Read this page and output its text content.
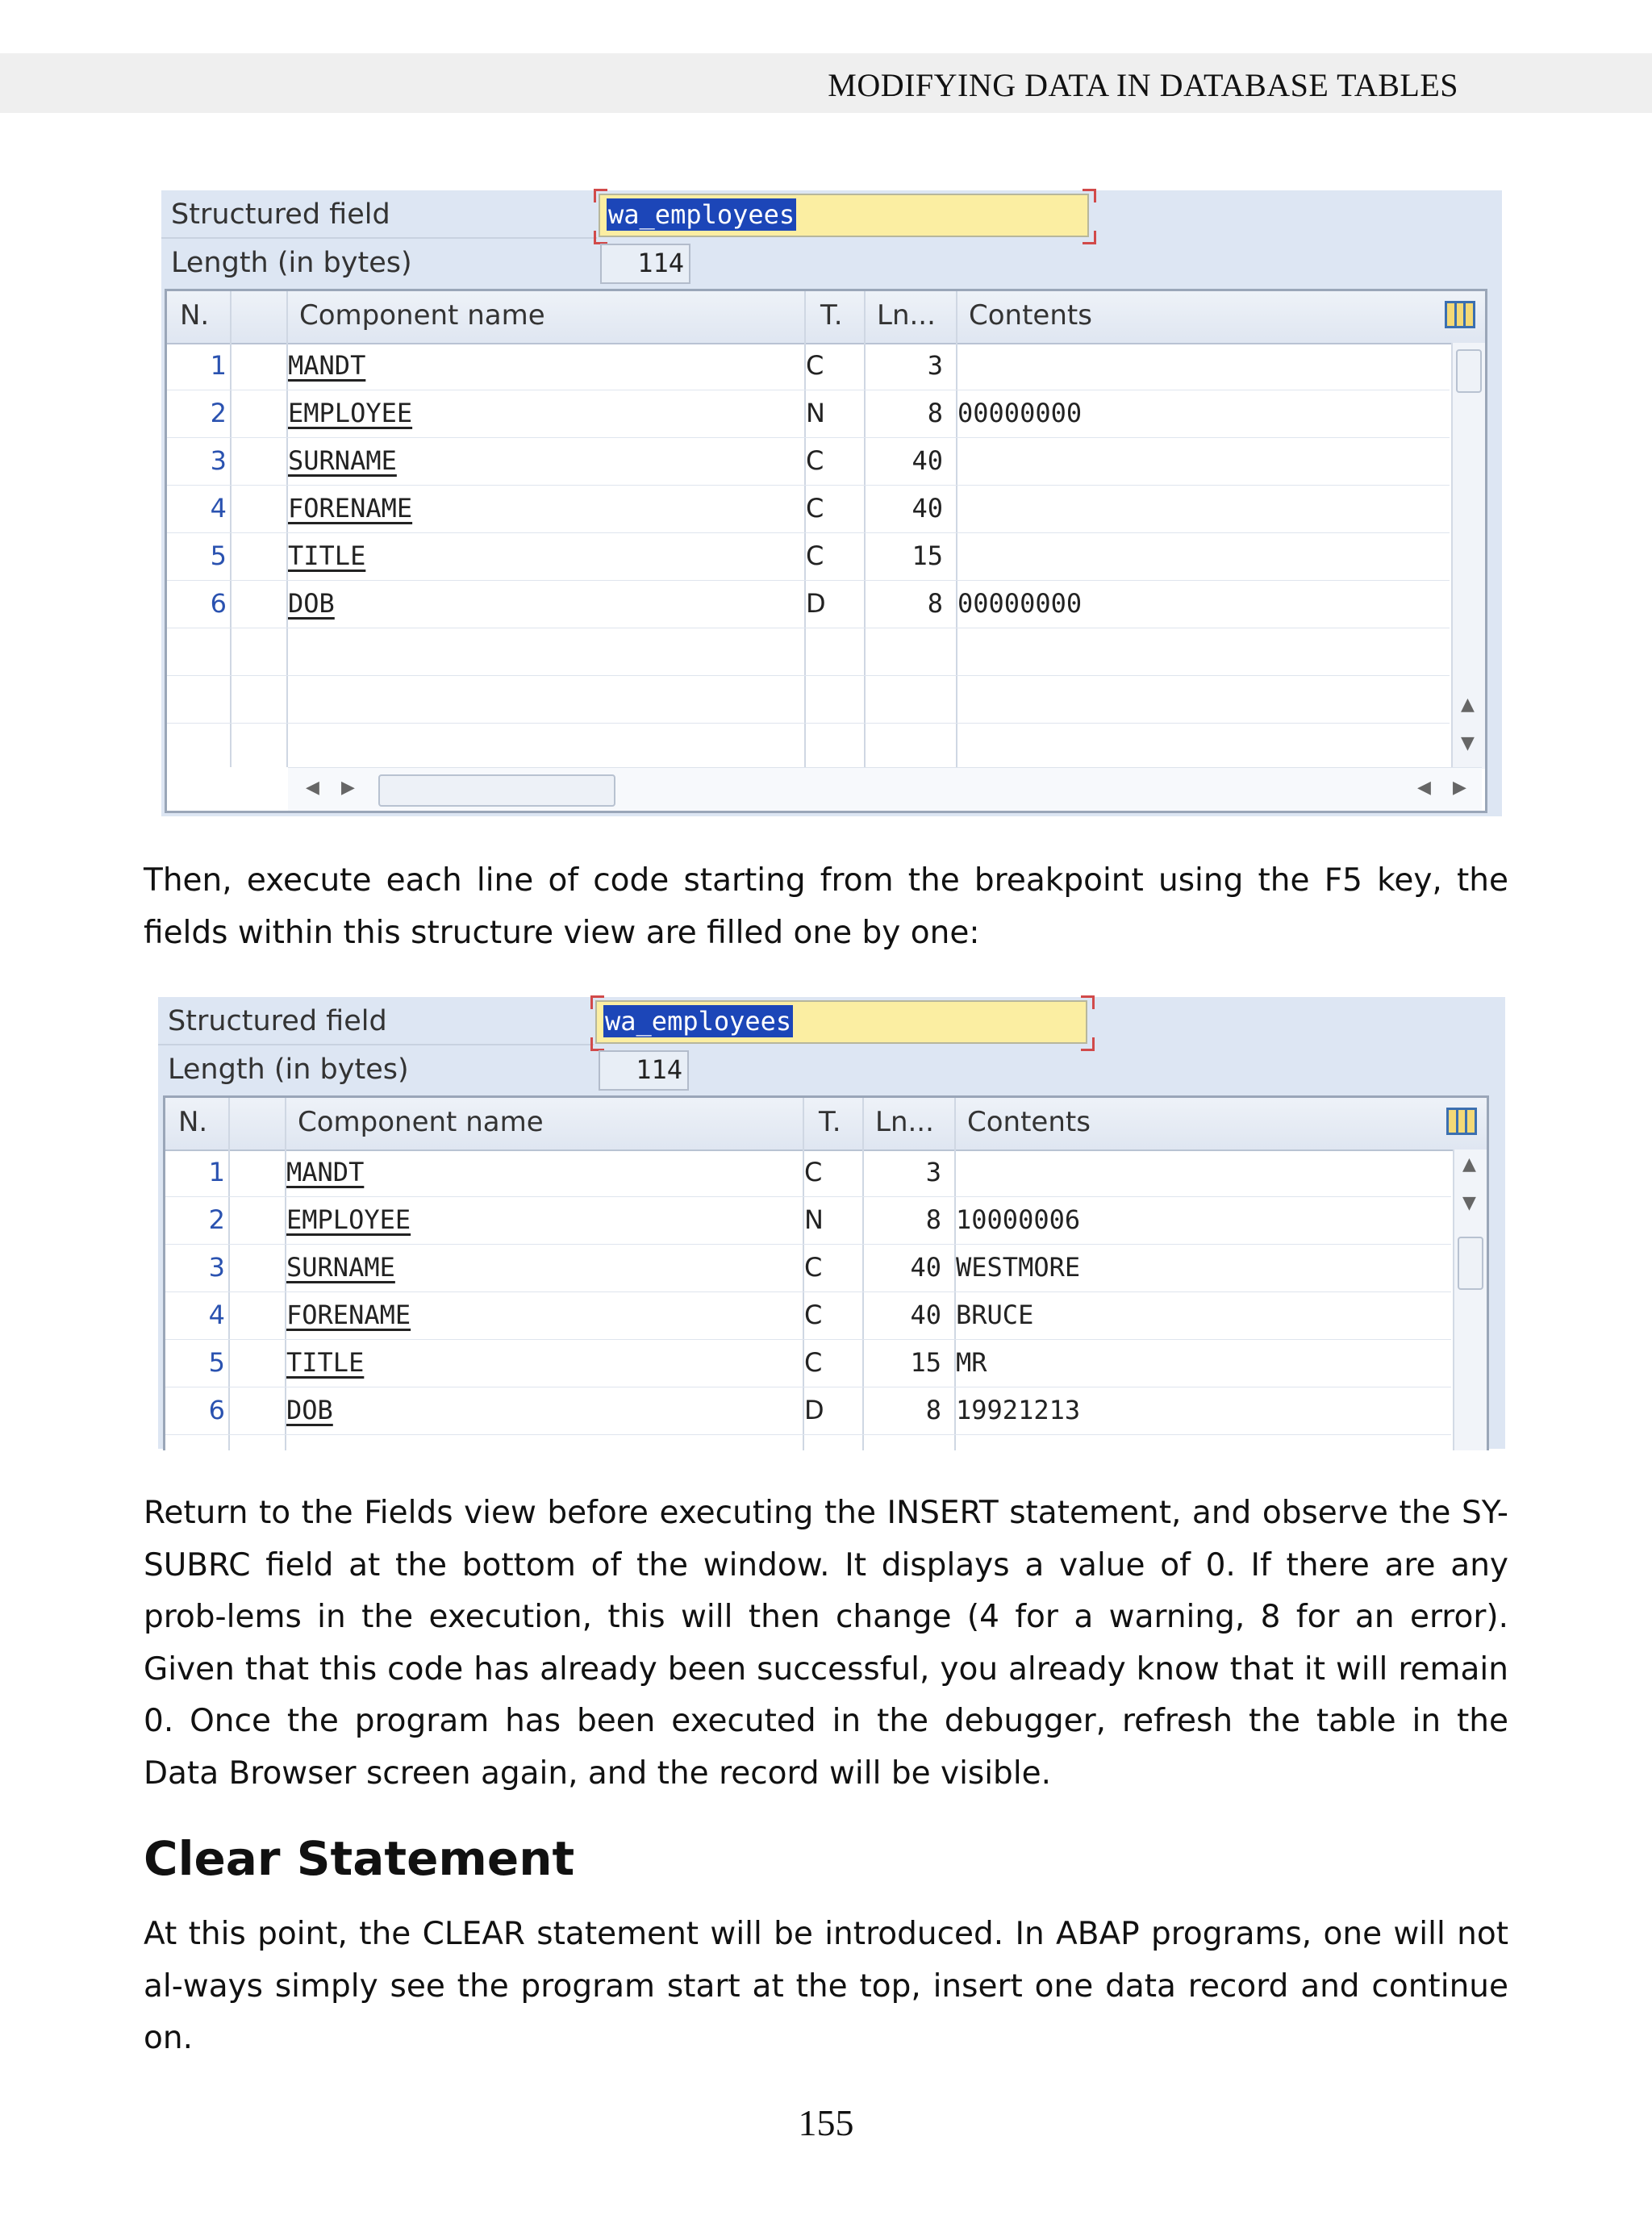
MODIFYING DATA IN DATABASE TABLES
Structured field	wa_employees
Length (in bytes)	114
N.	Component name	T. Ln... Contents
1 MANDT	C	3
2 EMPLOYEE	N	8 00000000
3 SURNAME	C	40
4 FORENAME	C	40
5 TITLE	C	15
6 DOB	D	8 00000000
▲
▼
◀ ▶	◀ ▶

Then, execute each line of code starting from the breakpoint using the F5 key, the fields within this structure view are filled one by one:

Structured field	wa_employees
Length (in bytes)	114
N.	Component name	T. Ln... Contents
1 MANDT	C	3
2 EMPLOYEE	N	8 10000006
3 SURNAME	C	40 WESTMORE
4 FORENAME	C	40 BRUCE
5 TITLE	C	15 MR
6 DOB	D	8 19921213
▲
▼

Return to the Fields view before executing the INSERT statement, and observe the SY-SUBRC field at the bottom of the window. It displays a value of 0. If there are any prob-lems in the execution, this will then change (4 for a warning, 8 for an error). Given that this code has already been successful, you already know that it will remain 0. Once the program has been executed in the debugger, refresh the table in the Data Browser screen again, and the record will be visible.

Clear Statement

At this point, the CLEAR statement will be introduced. In ABAP programs, one will not al-ways simply see the program start at the top, insert one data record and continue on.

155
